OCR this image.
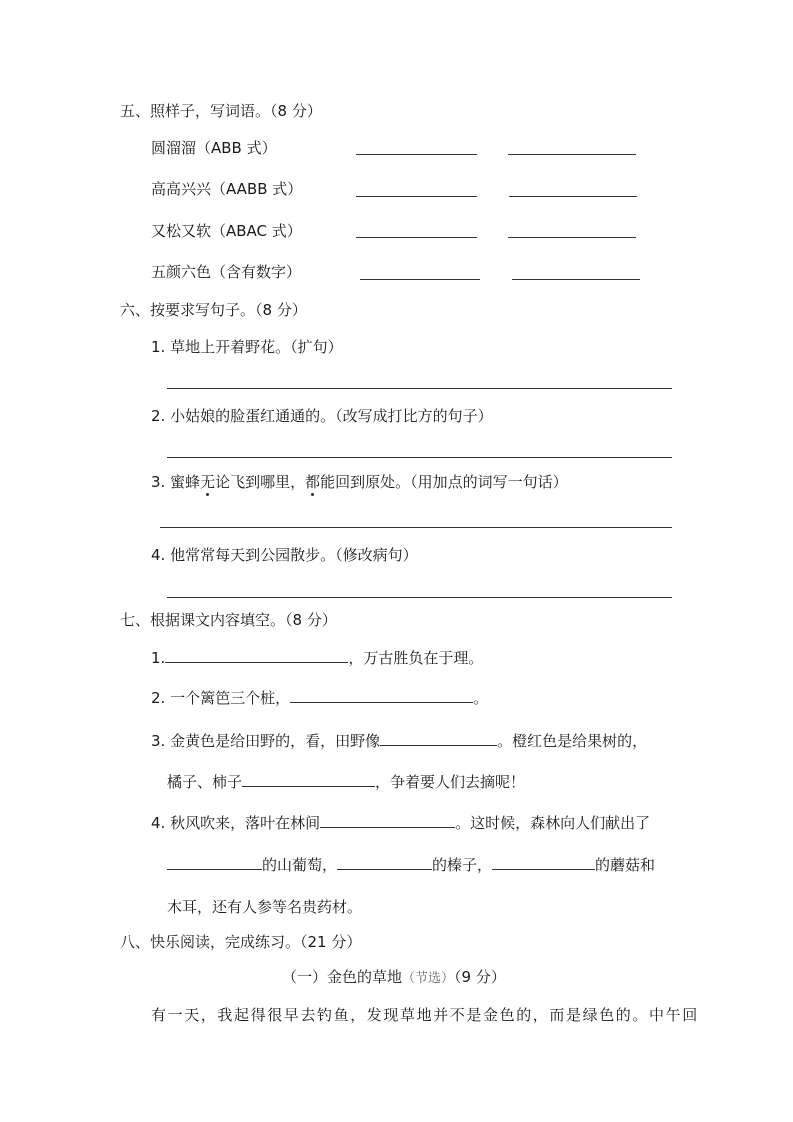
五、照样子，写词语。（8 分）
圆溜溜（ABB 式）
高高兴兴（AABB 式）
又松又软（ABAC 式）
五颜六色（含有数字）
六、按要求写句子。（8 分）
1. 草地上开着野花。（扩句）
2. 小姑娘的脸蛋红通通的。（改写成打比方的句子）
3. 蜜蜂无论飞到哪里，都能回到原处。（用加点的词写一句话）
4. 他常常每天到公园散步。（修改病句）
七、根据课文内容填空。（8 分）
1.	，万古胜负在于理。
2. 一个篱笆三个桩，	。
3. 金黄色是给田野的，看，田野像	。橙红色是给果树的，
橘子、柿子	，争着要人们去摘呢！
4. 秋风吹来，落叶在林间	。这时候，森林向人们献出了
的山葡萄，	的榛子，	的蘑菇和
木耳，还有人参等名贵药材。
八、快乐阅读，完成练习。（21 分）
（一）金色的草地（节选）（9 分）
有一天，我起得很早去钓鱼，发现草地并不是金色的，而是绿色的。中午回
